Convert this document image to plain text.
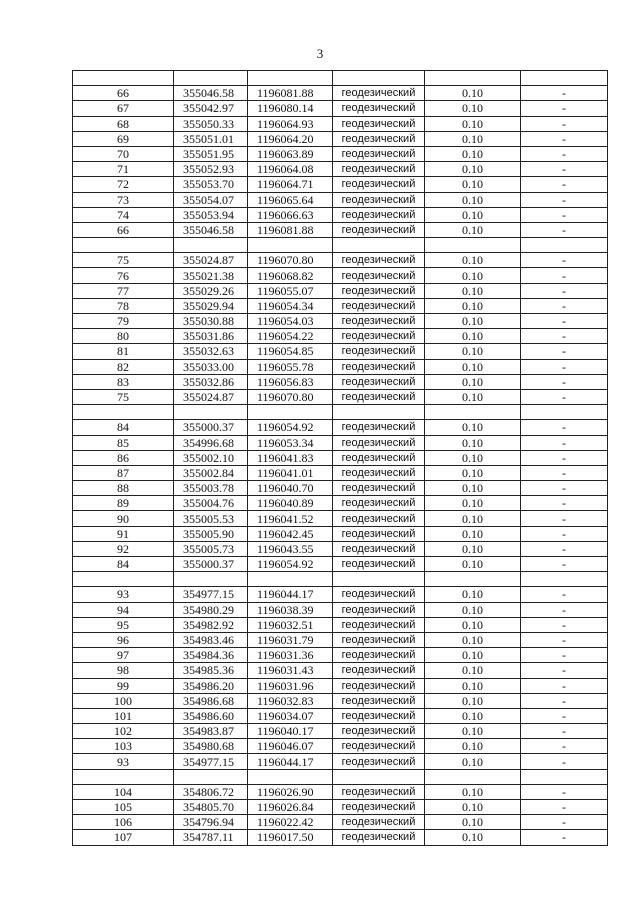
3

66	355046.58	1196081.88	геодезический	0.10	-
67	355042.97	1196080.14	геодезический	0.10	-
68	355050.33	1196064.93	геодезический	0.10	-
69	355051.01	1196064.20	геодезический	0.10	-
70	355051.95	1196063.89	геодезический	0.10	-
71	355052.93	1196064.08	геодезический	0.10	-
72	355053.70	1196064.71	геодезический	0.10	-
73	355054.07	1196065.64	геодезический	0.10	-
74	355053.94	1196066.63	геодезический	0.10	-
66	355046.58	1196081.88	геодезический	0.10	-

75	355024.87	1196070.80	геодезический	0.10	-
76	355021.38	1196068.82	геодезический	0.10	-
77	355029.26	1196055.07	геодезический	0.10	-
78	355029.94	1196054.34	геодезический	0.10	-
79	355030.88	1196054.03	геодезический	0.10	-
80	355031.86	1196054.22	геодезический	0.10	-
81	355032.63	1196054.85	геодезический	0.10	-
82	355033.00	1196055.78	геодезический	0.10	-
83	355032.86	1196056.83	геодезический	0.10	-
75	355024.87	1196070.80	геодезический	0.10	-

84	355000.37	1196054.92	геодезический	0.10	-
85	354996.68	1196053.34	геодезический	0.10	-
86	355002.10	1196041.83	геодезический	0.10	-
87	355002.84	1196041.01	геодезический	0.10	-
88	355003.78	1196040.70	геодезический	0.10	-
89	355004.76	1196040.89	геодезический	0.10	-
90	355005.53	1196041.52	геодезический	0.10	-
91	355005.90	1196042.45	геодезический	0.10	-
92	355005.73	1196043.55	геодезический	0.10	-
84	355000.37	1196054.92	геодезический	0.10	-

93	354977.15	1196044.17	геодезический	0.10	-
94	354980.29	1196038.39	геодезический	0.10	-
95	354982.92	1196032.51	геодезический	0.10	-
96	354983.46	1196031.79	геодезический	0.10	-
97	354984.36	1196031.36	геодезический	0.10	-
98	354985.36	1196031.43	геодезический	0.10	-
99	354986.20	1196031.96	геодезический	0.10	-
100	354986.68	1196032.83	геодезический	0.10	-
101	354986.60	1196034.07	геодезический	0.10	-
102	354983.87	1196040.17	геодезический	0.10	-
103	354980.68	1196046.07	геодезический	0.10	-
93	354977.15	1196044.17	геодезический	0.10	-

104	354806.72	1196026.90	геодезический	0.10	-
105	354805.70	1196026.84	геодезический	0.10	-
106	354796.94	1196022.42	геодезический	0.10	-
107	354787.11	1196017.50	геодезический	0.10	-
